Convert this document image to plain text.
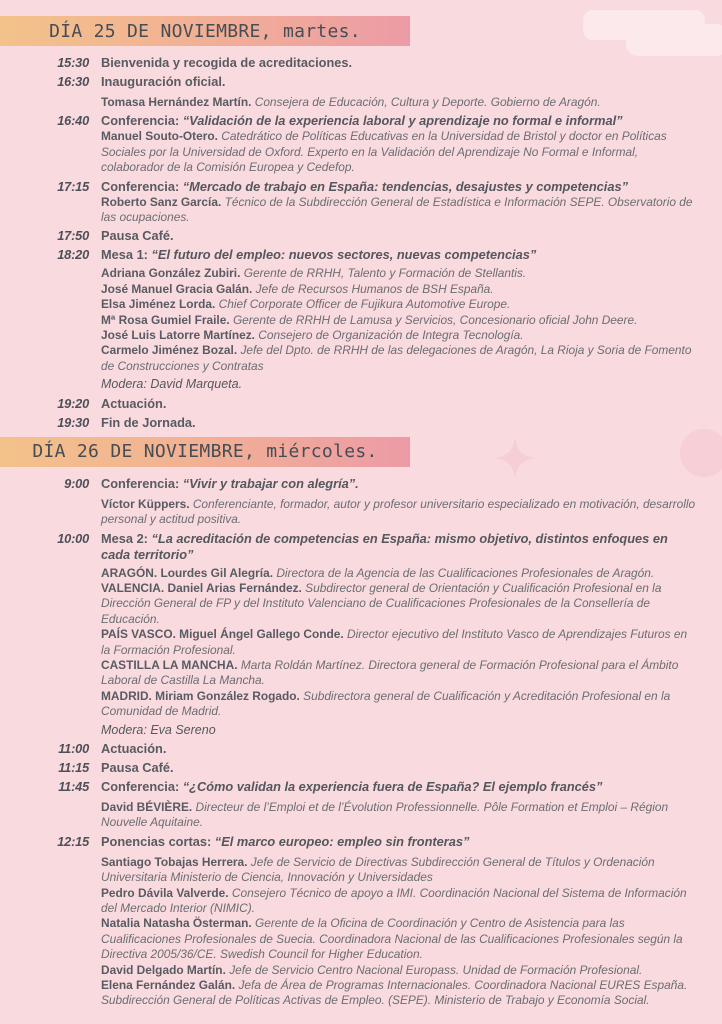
DÍA 25 DE NOVIEMBRE, martes.
15:30 Bienvenida y recogida de acreditaciones.
16:30 Inauguración oficial.
Tomasa Hernández Martín. Consejera de Educación, Cultura y Deporte. Gobierno de Aragón.
16:40 Conferencia: “Validación de la experiencia laboral y aprendizaje no formal e informal”
Manuel Souto-Otero. Catedrático de Políticas Educativas en la Universidad de Bristol y doctor en Políticas Sociales por la Universidad de Oxford. Experto en la Validación del Aprendizaje No Formal e Informal, colaborador de la Comisión Europea y Cedefop.
17:15 Conferencia: “Mercado de trabajo en España: tendencias, desajustes y competencias”
Roberto Sanz García. Técnico de la Subdirección General de Estadística e Información SEPE. Observatorio de las ocupaciones.
17:50 Pausa Café.
18:20 Mesa 1: “El futuro del empleo: nuevos sectores, nuevas competencias”
Adriana González Zubiri. Gerente de RRHH, Talento y Formación de Stellantis.
José Manuel Gracia Galán. Jefe de Recursos Humanos de BSH España.
Elsa Jiménez Lorda. Chief Corporate Officer de Fujikura Automotive Europe.
Mª Rosa Gumiel Fraile. Gerente de RRHH de Lamusa y Servicios, Concesionario oficial John Deere.
José Luis Latorre Martínez. Consejero de Organización de Integra Tecnología.
Carmelo Jiménez Bozal. Jefe del Dpto. de RRHH de las delegaciones de Aragón, La Rioja y Soria de Fomento de Construcciones y Contratas
Modera: David Marqueta.
19:20 Actuación.
19:30 Fin de Jornada.
DÍA 26 DE NOVIEMBRE, miércoles.
9:00 Conferencia: “Vivir y trabajar con alegría”.
Víctor Küppers. Conferenciante, formador, autor y profesor universitario especializado en motivación, desarrollo personal y actitud positiva.
10:00 Mesa 2: “La acreditación de competencias en España: mismo objetivo, distintos enfoques en cada territorio”
ARAGÓN. Lourdes Gil Alegría. Directora de la Agencia de las Cualificaciones Profesionales de Aragón.
VALENCIA. Daniel Arias Fernández. Subdirector general de Orientación y Cualificación Profesional en la Dirección General de FP y del Instituto Valenciano de Cualificaciones Profesionales de la Consellería de Educación.
PAÍS VASCO. Miguel Ángel Gallego Conde. Director ejecutivo del Instituto Vasco de Aprendizajes Futuros en la Formación Profesional.
CASTILLA LA MANCHA. Marta Roldán Martínez. Directora general de Formación Profesional para el Ámbito Laboral de Castilla La Mancha.
MADRID. Miriam González Rogado. Subdirectora general de Cualificación y Acreditación Profesional en la Comunidad de Madrid.
Modera: Eva Sereno
11:00 Actuación.
11:15 Pausa Café.
11:45 Conferencia: “¿Cómo validan la experiencia fuera de España? El ejemplo francés”
David BÉVIÈRE. Directeur de l’Emploi et de l’Évolution Professionnelle. Pôle Formation et Emploi – Région Nouvelle Aquitaine.
12:15 Ponencias cortas: “El marco europeo: empleo sin fronteras”
Santiago Tobajas Herrera. Jefe de Servicio de Directivas Subdirección General de Títulos y Ordenación Universitaria Ministerio de Ciencia, Innovación y Universidades
Pedro Dávila Valverde. Consejero Técnico de apoyo a IMI. Coordinación Nacional del Sistema de Información del Mercado Interior (NIMIC).
Natalia Natasha Österman. Gerente de la Oficina de Coordinación y Centro de Asistencia para las Cualificaciones Profesionales de Suecia. Coordinadora Nacional de las Cualificaciones Profesionales según la Directiva 2005/36/CE. Swedish Council for Higher Education.
David Delgado Martín. Jefe de Servicio Centro Nacional Europass. Unidad de Formación Profesional.
Elena Fernández Galán. Jefa de Área de Programas Internacionales. Coordinadora Nacional EURES España. Subdirección General de Políticas Activas de Empleo. (SEPE). Ministerio de Trabajo y Economía Social.
